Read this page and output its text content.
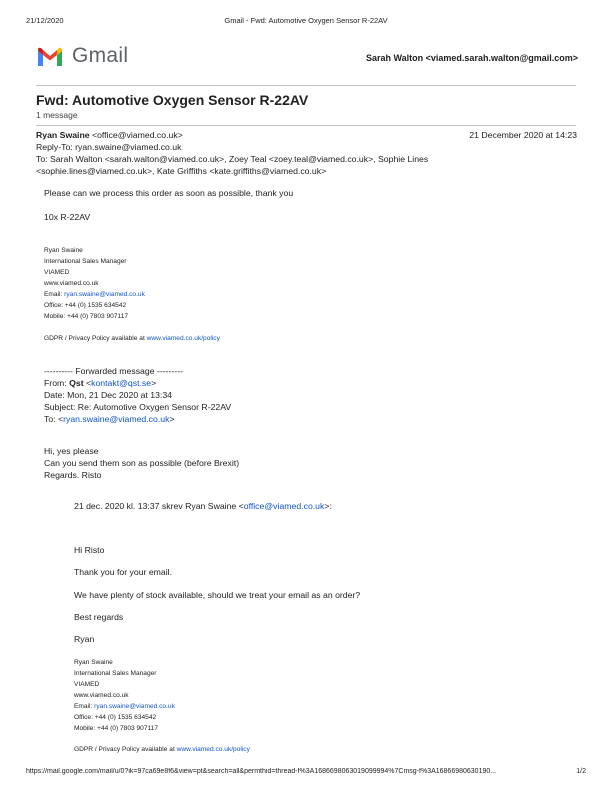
21/12/2020	Gmail - Fwd: Automotive Oxygen Sensor R-22AV
Gmail	Sarah Walton <viamed.sarah.walton@gmail.com>
Fwd: Automotive Oxygen Sensor R-22AV
1 message
Ryan Swaine <office@viamed.co.uk>	21 December 2020 at 14:23
Reply-To: ryan.swaine@viamed.co.uk
To: Sarah Walton <sarah.walton@viamed.co.uk>, Zoey Teal <zoey.teal@viamed.co.uk>, Sophie Lines
<sophie.lines@viamed.co.uk>, Kate Griffiths <kate.griffiths@viamed.co.uk>
Please can we process this order as soon as possible, thank you
10x R-22AV
Ryan Swaine
International Sales Manager
VIAMED
www.viamed.co.uk
Email: ryan.swaine@viamed.co.uk
Office: +44 (0) 1535 634542
Mobile: +44 (0) 7803 907117
GDPR / Privacy Policy available at www.viamed.co.uk/policy
---------- Forwarded message ---------
From: Qst <kontakt@qst.se>
Date: Mon, 21 Dec 2020 at 13:34
Subject: Re: Automotive Oxygen Sensor R-22AV
To: <ryan.swaine@viamed.co.uk>
Hi, yes please
Can you send them son as possible (before Brexit)
Regards. Risto
21 dec. 2020 kl. 13:37 skrev Ryan Swaine <office@viamed.co.uk>:
Hi Risto
Thank you for your email.
We have plenty of stock available, should we treat your email as an order?
Best regards
Ryan
Ryan Swaine
International Sales Manager
VIAMED
www.viamed.co.uk
Email: ryan.swaine@viamed.co.uk
Office: +44 (0) 1535 634542
Mobile: +44 (0) 7803 907117
GDPR / Privacy Policy available at www.viamed.co.uk/policy
https://mail.google.com/mail/u/0?ik=97ca69e8f6&view=pt&search=all&permthid=thread-f%3A1686698063019099994%7Cmsg-f%3A16866980630190...	1/2
